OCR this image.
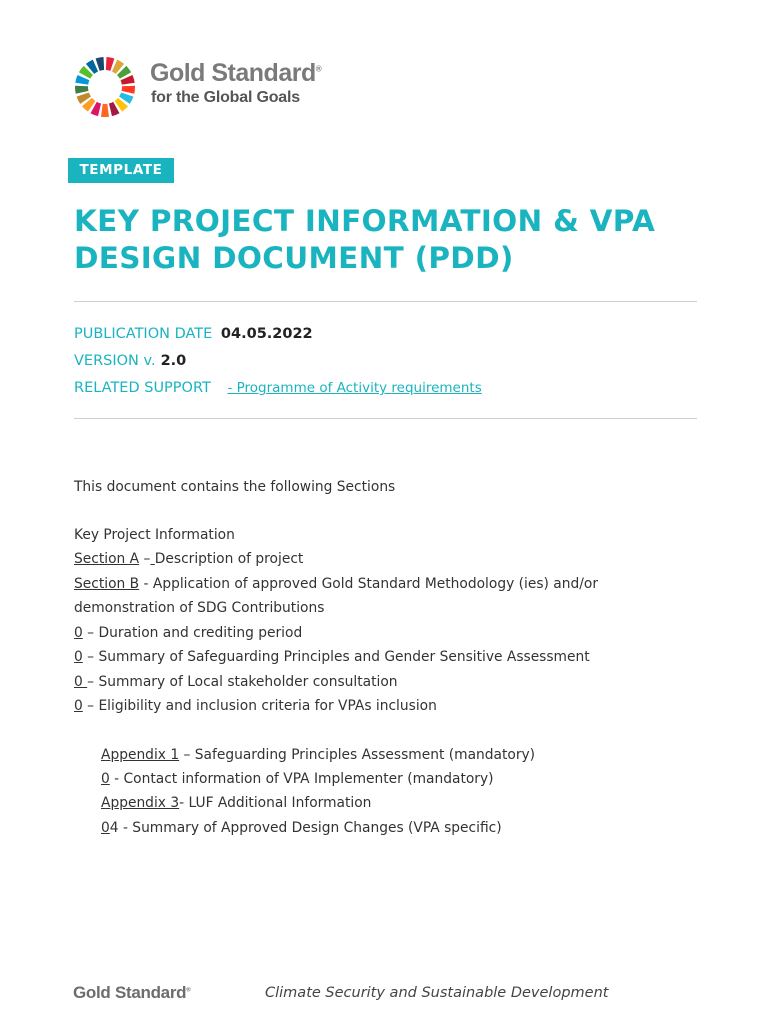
Gold Standard®
for the Global Goals
TEMPLATE
KEY PROJECT INFORMATION & VPA DESIGN DOCUMENT (PDD)
PUBLICATION DATE 04.05.2022
VERSION v. 2.0
RELATED SUPPORT - Programme of Activity requirements
This document contains the following Sections
Key Project Information
Section A – Description of project
Section B - Application of approved Gold Standard Methodology (ies) and/or
demonstration of SDG Contributions
0 – Duration and crediting period
0 – Summary of Safeguarding Principles and Gender Sensitive Assessment
0 – Summary of Local stakeholder consultation
0 – Eligibility and inclusion criteria for VPAs inclusion
Appendix 1 – Safeguarding Principles Assessment (mandatory)
0 - Contact information of VPA Implementer (mandatory)
Appendix 3- LUF Additional Information
04 - Summary of Approved Design Changes (VPA specific)
Gold Standard®	Climate Security and Sustainable Development
